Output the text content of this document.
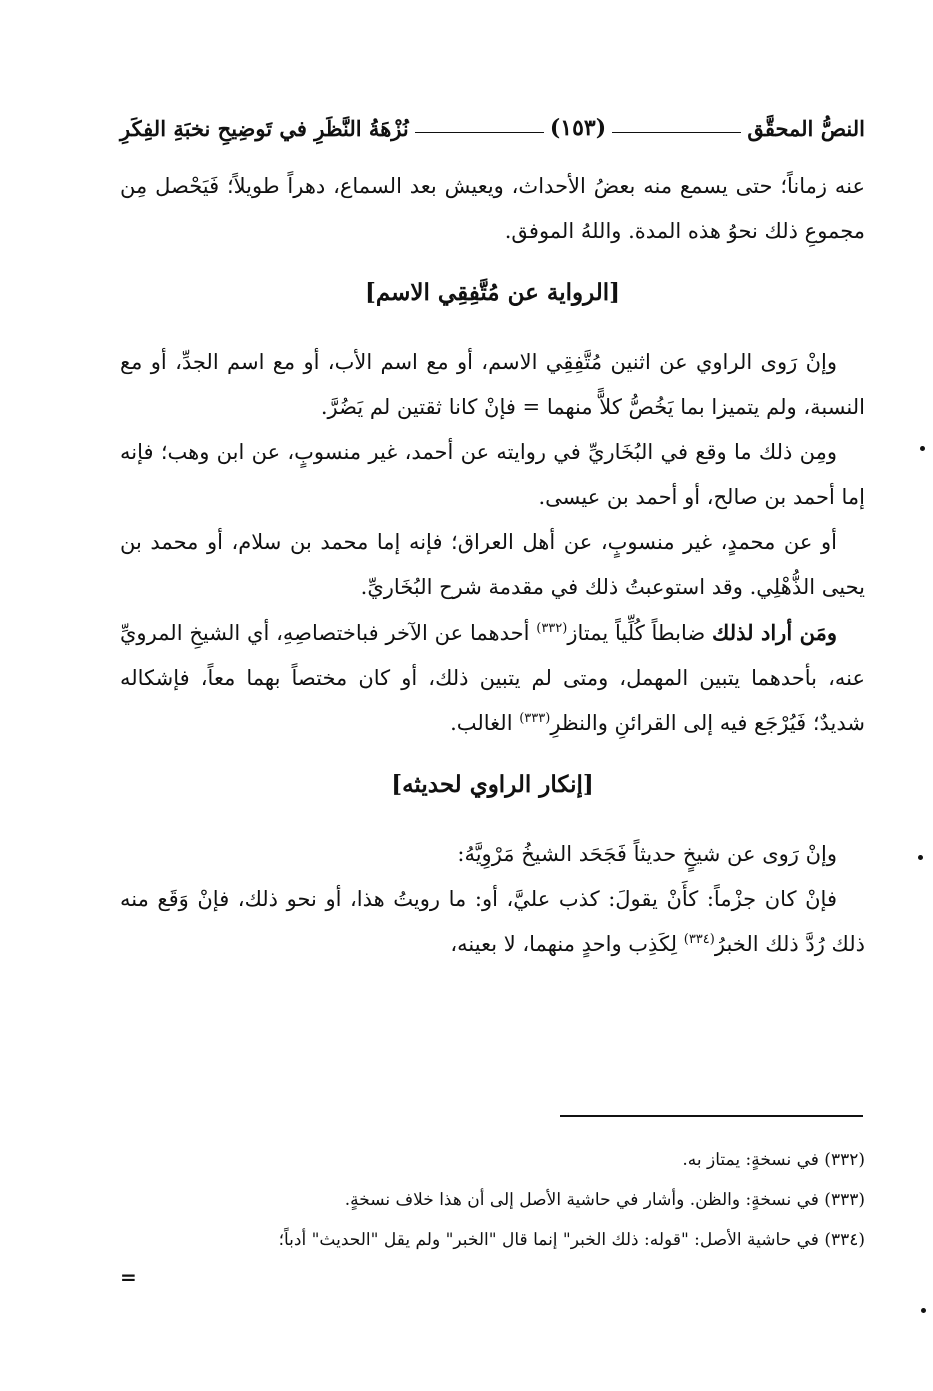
النصُّ المحقَّق
(١٥٣)
نُزْهَةُ النَّظَرِ في تَوضِيحِ نخبَةِ الفِكَرِ

عنه زماناً؛ حتى يسمع منه بعضُ الأحداث، ويعيش بعد السماع، دهراً طويلاً؛ فَيَحْصل مِن مجموعِ ذلك نحوُ هذه المدة. واللهُ الموفق.

[الرواية عن مُتَّفِقِي الاسم]

وإنْ رَوى الراوي عن اثنين مُتَّفِقِي الاسم، أو مع اسم الأب، أو مع اسم الجدِّ، أو مع النسبة، ولم يتميزا بما يَخُصُّ كلاًّ منهما = فإنْ كانا ثقتين لم يَضُرَّ.

ومِن ذلك ما وقع في البُخَاريِّ في روايته عن أحمد، غير منسوبٍ، عن ابن وهب؛ فإنه إما أحمد بن صالح، أو أحمد بن عيسى.

أو عن محمدٍ، غير منسوبٍ، عن أهل العراق؛ فإنه إما محمد بن سلام، أو محمد بن يحيى الذُّهْلِي. وقد استوعبتُ ذلك في مقدمة شرح البُخَاريِّ.

ومَن أراد لذلك ضابطاً كُلِّياً يمتاز$^{(٣٣٢)}$ أحدهما عن الآخر فباختصاصِهِ، أي الشيخِ المرويِّ عنه، بأحدهما يتبين المهمل، ومتى لم يتبين ذلك، أو كان مختصاً بهما معاً، فإشكاله شديدٌ؛ فَيُرْجَع فيه إلى القرائنِ والنظرِ$^{(٣٣٣)}$ الغالب.

[إنكار الراوي لحديثه]

وإنْ رَوى عن شيخٍ حديثاً فَجَحَد الشيخُ مَرْوِيَّهُ:

فإنْ كان جزْماً: كأَنْ يقولَ: كذب عليَّ، أو: ما رويتُ هذا، أو نحو ذلك، فإنْ وَقَع منه ذلك رُدَّ ذلك الخبرُ$^{(٣٣٤)}$ لِكَذِب واحدٍ منهما، لا بعينه،

(٣٣٢) في نسخةٍ: يمتاز به.

(٣٣٣) في نسخةٍ: والظن. وأشار في حاشية الأصل إلى أن هذا خلاف نسخةٍ.

(٣٣٤) في حاشية الأصل: "قوله: ذلك الخبر" إنما قال "الخبر" ولم يقل "الحديث" أدباً؛

=
